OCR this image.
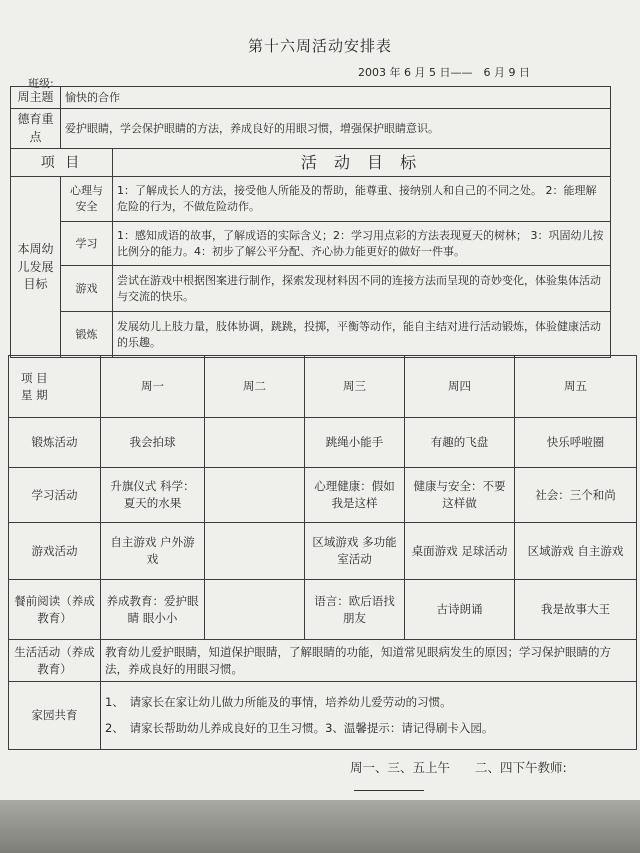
第十六周活动安排表
2003 年 6 月 5 日——　6 月 9 日
班级:
周主题	愉快的合作	
德育重点	爱护眼睛，学会保护眼睛的方法，养成良好的用眼习惯，增强保护眼睛意识。	
项 目		活 动 目 标
本周幼儿发展目标	心理与安全	1：了解成长人的方法，接受他人所能及的帮助，能尊重、接纳别人和自己的不同之处。 2：能理解危险的行为，不做危险动作。
	学习	1：感知成语的故事，了解成语的实际含义；2：学习用点彩的方法表现夏天的树林； 3：巩固幼儿按比例分的能力。4：初步了解公平分配、齐心协力能更好的做好一件事。
	游戏	尝试在游戏中根据图案进行制作，探索发现材料因不同的连接方法而呈现的奇妙变化，体验集体活动与交流的快乐。
	锻炼	发展幼儿上肢力量，肢体协调，跳跳，投掷，平衡等动作，能自主结对进行活动锻炼，体验健康活动的乐趣。
项 目
星 期	周一	周二	周三	周四	周五
锻炼活动	我会拍球		跳绳小能手	有趣的飞盘	快乐呼啦圈
学习活动	升旗仪式 科学：夏天的水果		心理健康：假如我是这样	健康与安全：不要这样做	社会：三个和尚
游戏活动	自主游戏 户外游戏		区域游戏 多功能室活动	桌面游戏 足球活动	区域游戏 自主游戏
餐前阅读（养成教育）	养成教育：爱护眼睛 眼小小		语言：欧后语找朋友	古诗朗诵	我是故事大王
生活活动（养成教育）	教育幼儿爱护眼睛，知道保护眼睛，了解眼睛的功能，知道常见眼病发生的原因；学习保护眼睛的方法，养成良好的用眼习惯。				
家园共育	1、　请家长在家让幼儿做力所能及的事情，培养幼儿爱劳动的习惯。
2、　请家长帮助幼儿养成良好的卫生习惯。3、温馨提示：请记得刷卡入园。				
周一、三、五上午　　二、四下午教师:
